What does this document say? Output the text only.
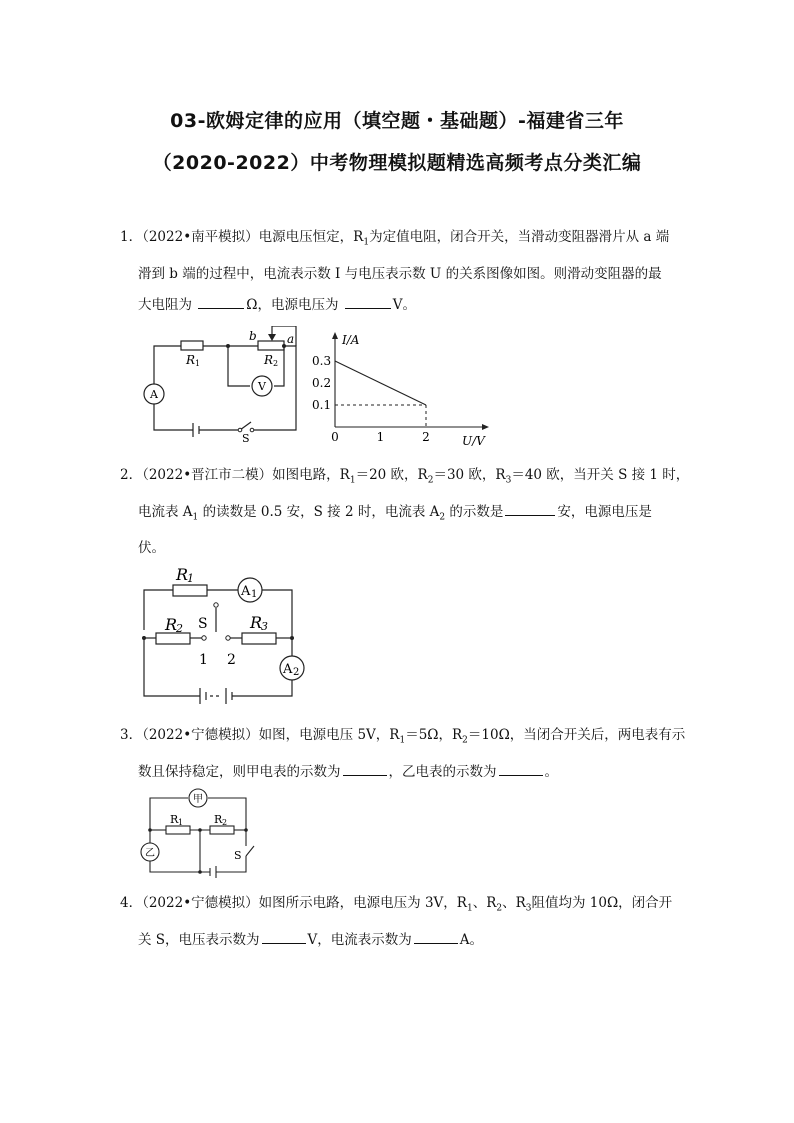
03-欧姆定律的应用（填空题・基础题）-福建省三年
（2020-2022）中考物理模拟题精选高频考点分类汇编
1．（2022•南平模拟）电源电压恒定，$R_1$为定值电阻，闭合开关，当滑动变阻器滑片从 a 端
滑到 b 端的过程中，电流表示数 I 与电压表示数 U 的关系图像如图。则滑动变阻器的最
大电阻为	Ω，电源电压为	V。
A
V
R 1	R 2
b	a
S
I/A
U/V
0
0.3
0.2
0.1
1	2
2．（2022•晋江市二模）如图电路，$R_1=20$ 欧，$R_2=30$ 欧，$R_3=40$ 欧，当开关 S 接 1 时，
电流表 $A_1$ 的读数是 0.5 安，S 接 2 时，电流表 $A_2$ 的示数是	安，电源电压是
伏。
A 1
A 2
R
1
R
2	R
3
S
1 2
3．（2022•宁德模拟）如图，电源电压 5V，$R_1=5\Omega$，$R_2=10\Omega$，当闭合开关后，两电表有示
数且保持稳定，则甲电表的示数为	，乙电表的示数为	。
甲
乙
R 1	R 2
S
4．（2022•宁德模拟）如图所示电路，电源电压为 3V，$R_1$、$R_2$、$R_3$阻值均为 10Ω，闭合开
关 S，电压表示数为	V，电流表示数为	A。
